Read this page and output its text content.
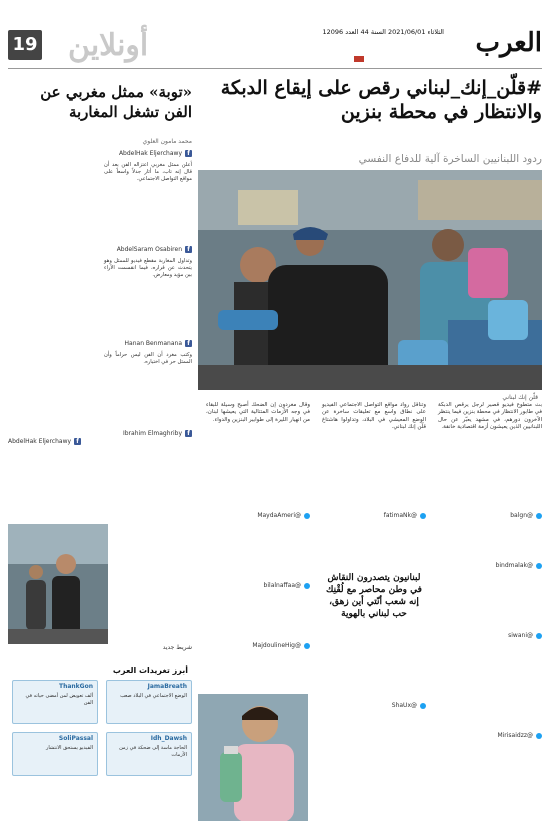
العرب
الثلاثاء 2021/06/01 السنة 44 العدد 12096
أونلاين
19
#قلّن_إنك_لبناني رقص على إيقاع الدبكة والانتظار في محطة بنزين
ردود اللبنانيين الساخرة آلية للدفاع النفسي
قلّن إنك لبناني
بث متطوع فيديو قصير لرجل يرقص الدبكة في طابور الانتظار في محطة بنزين فيما ينتظر الآخرون دورهم، في مشهد يعبّر عن حال اللبنانيين الذين يعيشون أزمة اقتصادية خانقة.
وتناقل رواد مواقع التواصل الاجتماعي الفيديو على نطاق واسع مع تعليقات ساخرة عن الوضع المعيشي في البلاد، وتداولوا هاشتاغ قلّن إنك لبناني.
وقال مغردون إن الضحك أصبح وسيلة للبقاء في وجه الأزمات المتتالية التي يعيشها لبنان، من انهيار الليرة إلى طوابير البنزين والدواء.
@balgn
@bindmalak
@siwani
@Mirisaidzz
@fatimaNk
لبنانيون يتصدرون النقاش في وطن محاصر مع لُقْنِك إنه شعب أنّتي أين زهق، حب لبناني بالهوية
@MaydaAmeri
@bilalnaffaa
@MajdoulineHig
@ShaUx
«توبة» ممثل مغربي عن الفن تشغل المغاربة
محمد مامون العلوي
f
AbdelHak Eljerchawy
أعلن ممثل مغربي اعتزاله الفن بعد أن قال إنه تاب، ما أثار جدلاً واسعاً على مواقع التواصل الاجتماعي.
f
AbdelSaram Osabiren
وتداول المغاربة مقطع فيديو للممثل وهو يتحدث عن قراره، فيما انقسمت الآراء بين مؤيد ومعارض.
f
Hanan Benmanana
وكتب مغرد أن الفن ليس حراماً وأن الممثل حر في اختياره.
f
Ibrahim Elmaghriby
f
AbdelHak Eljerchawy
شريط جديد
أبرز تغريدات العرب
ThankGon
ألف تعويض لمن أمضى حياته في الفن
JamaBreath
الوضع الاجتماعي في البلاد صعب
SoliPassal
الفيديو يستحق الانتشار
Idh_Dawsh
الحاجة ماسة إلى ضحكة في زمن الأزمات
